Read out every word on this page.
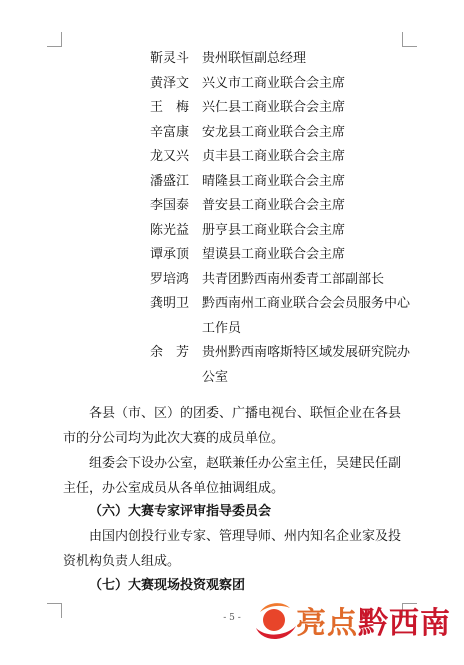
靳灵斗 贵州联恒副总经理
黄泽文 兴义市工商业联合会主席
王梅 兴仁县工商业联合会主席
辛富康 安龙县工商业联合会主席
龙又兴 贞丰县工商业联合会主席
潘盛江 晴隆县工商业联合会主席
李国泰 普安县工商业联合会主席
陈光益 册亨县工商业联合会主席
谭承顶 望谟县工商业联合会主席
罗培鸿 共青团黔西南州委青工部副部长
龚明卫 黔西南州工商业联合会会员服务中心工作员
余芳 贵州黔西南喀斯特区域发展研究院办公室
各县（市、区）的团委、广播电视台、联恒企业在各县市的分公司均为此次大赛的成员单位。
组委会下设办公室，赵联兼任办公室主任，吴建民任副主任，办公室成员从各单位抽调组成。
（六）大赛专家评审指导委员会
由国内创投行业专家、管理导师、州内知名企业家及投资机构负责人组成。
（七）大赛现场投资观察团
- 5 -	亮点黔西南
